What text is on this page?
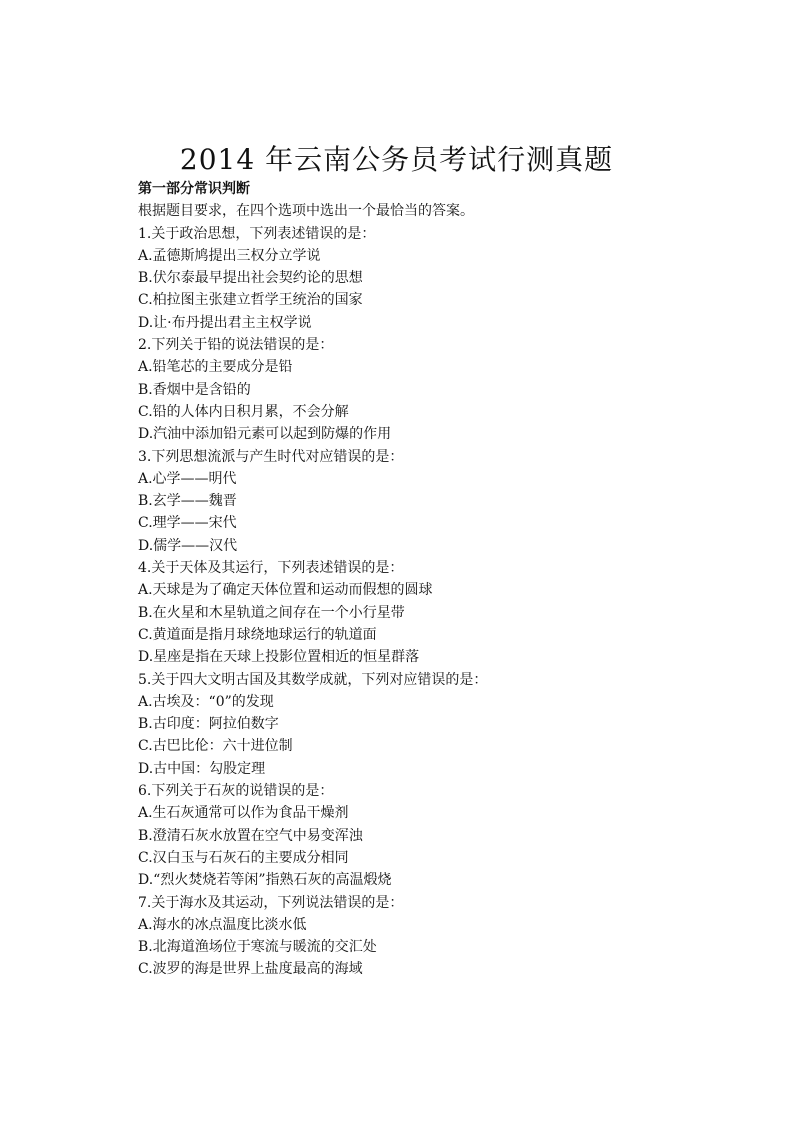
2014 年云南公务员考试行测真题
第一部分常识判断
根据题目要求，在四个选项中选出一个最恰当的答案。
1.关于政治思想，下列表述错误的是：
A.孟德斯鸠提出三权分立学说
B.伏尔泰最早提出社会契约论的思想
C.柏拉图主张建立哲学王统治的国家
D.让·布丹提出君主主权学说
2.下列关于铅的说法错误的是：
A.铅笔芯的主要成分是铅
B.香烟中是含铅的
C.铅的人体内日积月累，不会分解
D.汽油中添加铅元素可以起到防爆的作用
3.下列思想流派与产生时代对应错误的是：
A.心学——明代
B.玄学——魏晋
C.理学——宋代
D.儒学——汉代
4.关于天体及其运行，下列表述错误的是：
A.天球是为了确定天体位置和运动而假想的圆球
B.在火星和木星轨道之间存在一个小行星带
C.黄道面是指月球绕地球运行的轨道面
D.星座是指在天球上投影位置相近的恒星群落
5.关于四大文明古国及其数学成就，下列对应错误的是：
A.古埃及：“0”的发现
B.古印度：阿拉伯数字
C.古巴比伦：六十进位制
D.古中国：勾股定理
6.下列关于石灰的说错误的是：
A.生石灰通常可以作为食品干燥剂
B.澄清石灰水放置在空气中易变浑浊
C.汉白玉与石灰石的主要成分相同
D.“烈火焚烧若等闲”指熟石灰的高温煅烧
7.关于海水及其运动，下列说法错误的是：
A.海水的冰点温度比淡水低
B.北海道渔场位于寒流与暖流的交汇处
C.波罗的海是世界上盐度最高的海域
